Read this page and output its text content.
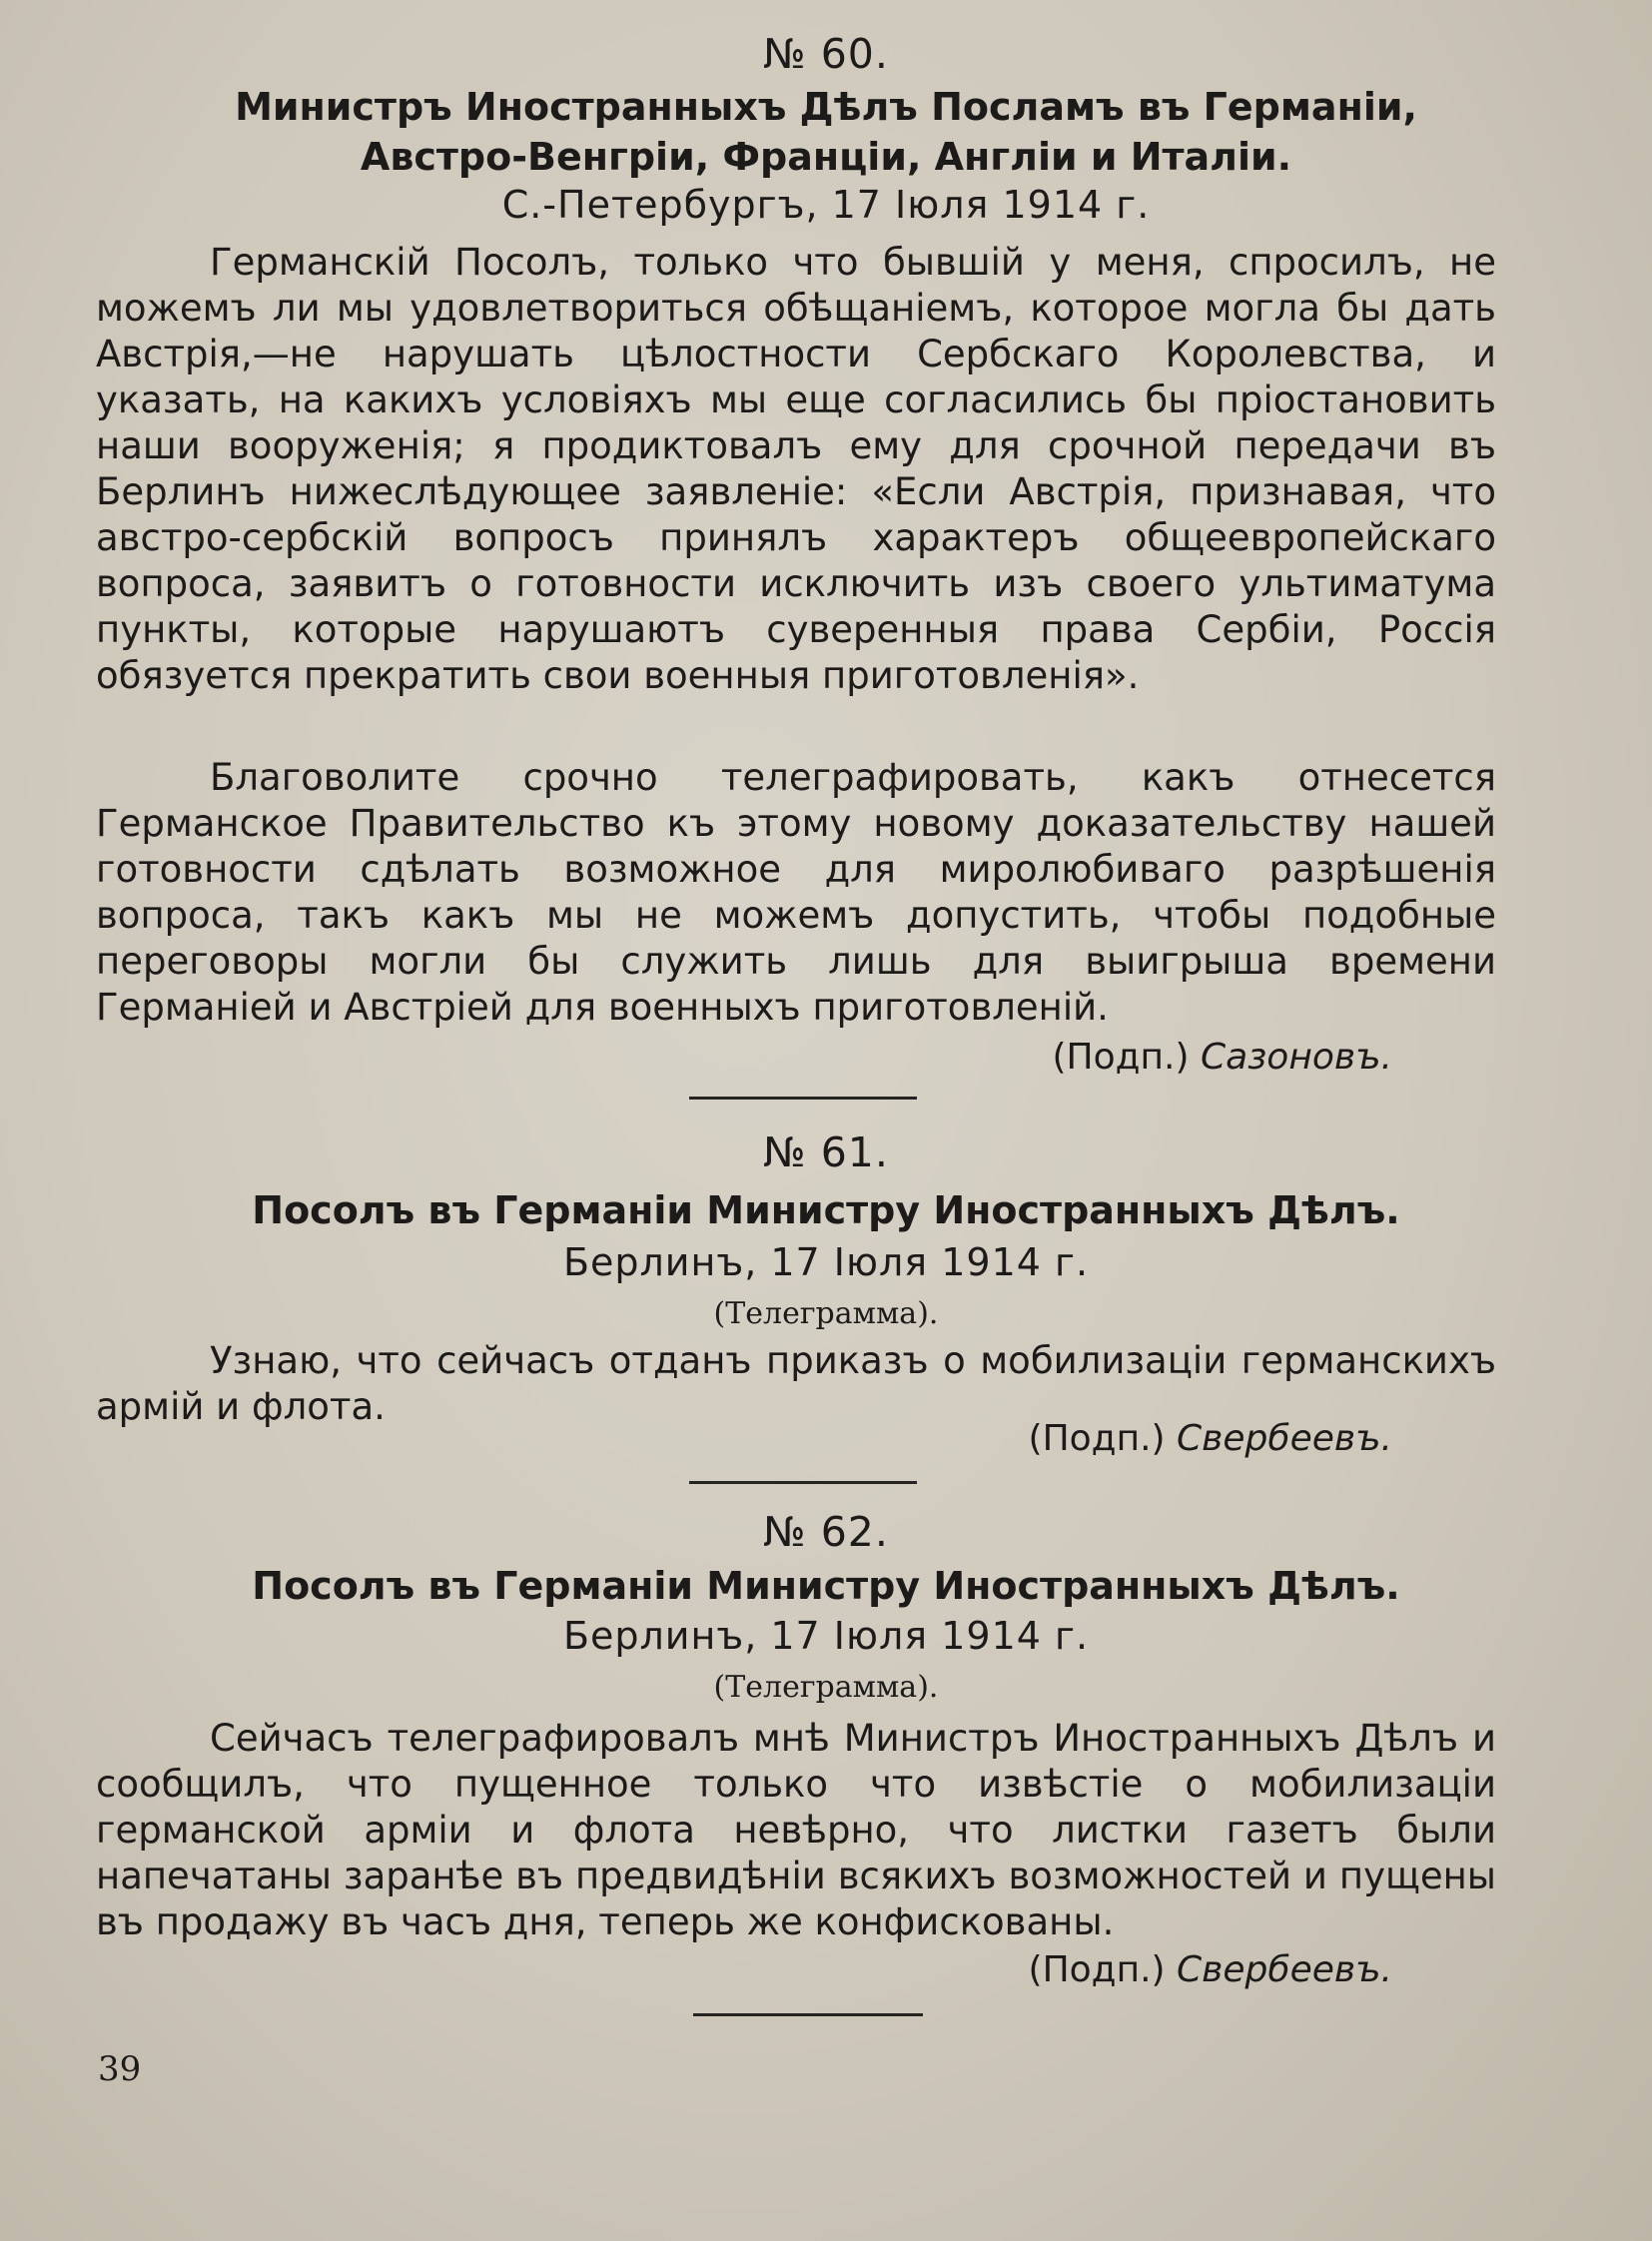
№ 60.
Министръ Иностранныхъ Дѣлъ Посламъ въ Германіи,
Австро-Венгріи, Франціи, Англіи и Италіи.
С.-Петербургъ, 17 Іюля 1914 г.

Германскій Посолъ, только что бывшій у меня, спросилъ, не можемъ ли мы удовлетвориться обѣщаніемъ, которое могла бы дать Австрія,—не нарушать цѣлостности Сербскаго Королевства, и указать, на какихъ условіяхъ мы еще согласились бы пріостановить наши вооруженія; я продиктовалъ ему для срочной передачи въ Берлинъ нижеслѣдующее заявленіе: «Если Австрія, признавая, что австро-сербскій вопросъ принялъ характеръ общеевропейскаго вопроса, заявитъ о готовности исключить изъ своего ультиматума пункты, которые нарушаютъ суверенныя права Сербіи, Россія обязуется прекратить свои военныя приготовленія».

Благоволите срочно телеграфировать, какъ отнесется Германское Правительство къ этому новому доказательству нашей готовности сдѣлать возможное для миролюбиваго разрѣшенія вопроса, такъ какъ мы не можемъ допустить, чтобы подобные переговоры могли бы служить лишь для выигрыша времени Германіей и Австріей для военныхъ приготовленій.

(Подп.) Сазоновъ.
№ 61.
Посолъ въ Германіи Министру Иностранныхъ Дѣлъ.
Берлинъ, 17 Іюля 1914 г.
(Телеграмма).

Узнаю, что сейчасъ отданъ приказъ о мобилизаціи германскихъ армій и флота.

(Подп.) Свербеевъ.
№ 62.
Посолъ въ Германіи Министру Иностранныхъ Дѣлъ.
Берлинъ, 17 Іюля 1914 г.
(Телеграмма).

Сейчасъ телеграфировалъ мнѣ Министръ Иностранныхъ Дѣлъ и сообщилъ, что пущенное только что извѣстіе о мобилизаціи германской арміи и флота невѣрно, что листки газетъ были напечатаны заранѣе въ предвидѣніи всякихъ возможностей и пущены въ продажу въ часъ дня, теперь же конфискованы.

(Подп.) Свербеевъ.
39
